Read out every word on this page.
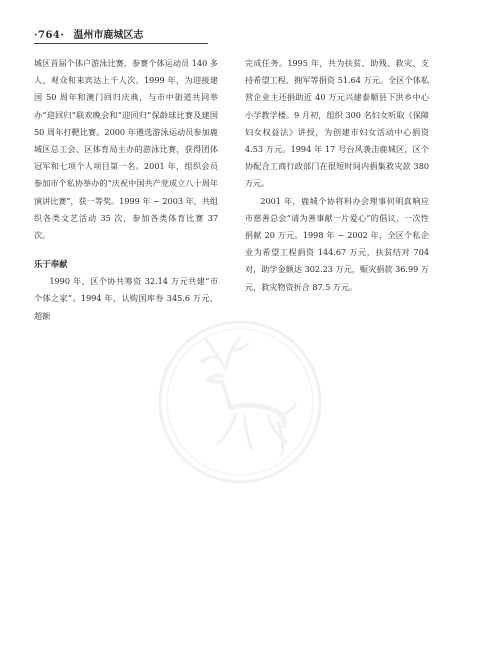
·764· 温州市鹿城区志

城区首届个体户游泳比赛，参赛个体运动员 140 多人，观众和来宾达上千人次。1999 年，为迎接建国 50 周年和澳门回归庆典，与市中街道共同举办“迎回归”联欢晚会和“迎回归”保龄球比赛及建国 50 周年打靶比赛。2000 年遴选游泳运动员参加鹿城区总工会、区体育局主办的游泳比赛，获得团体冠军和七项个人项目第一名。2001 年，组织会员参加市个私协举办的“庆祝中国共产党成立八十周年演讲比赛”，获一等奖。1999 年 ~ 2003 年，共组织各类文艺活动 35 次，参加各类体育比赛 37 次。

乐于奉献

1990 年，区个协共筹资 32.14 万元共建“市个体之家”。1994 年，认购国库券 345.6 万元，超额

完成任务。1995 年，共为扶贫、助残、救灾、支持希望工程、拥军等捐资 51.64 万元。全区个体私营企业主还捐助近 40 万元兴建泰顺县下洪乡中心小学教学楼。9 月初，组织 300 名妇女听取《保障妇女权益法》讲授，为创建市妇女活动中心捐资 4.53 万元。1994 年 17 号台风袭击鹿城区，区个协配合工商行政部门在很短时间内捐集救灾款 380 万元。

2001 年，鹿城个协将料办会理事何明真响应市慈善总会“请为善事献一片爱心”的倡议，一次性捐献 20 万元。1998 年 ~ 2002 年，全区个私企业为希望工程捐资 144.67 万元，扶贫结对 704 对，助学金额达 302.23 万元，赈灾捐款 36.99 万元，救灾物资折合 87.5 万元。
